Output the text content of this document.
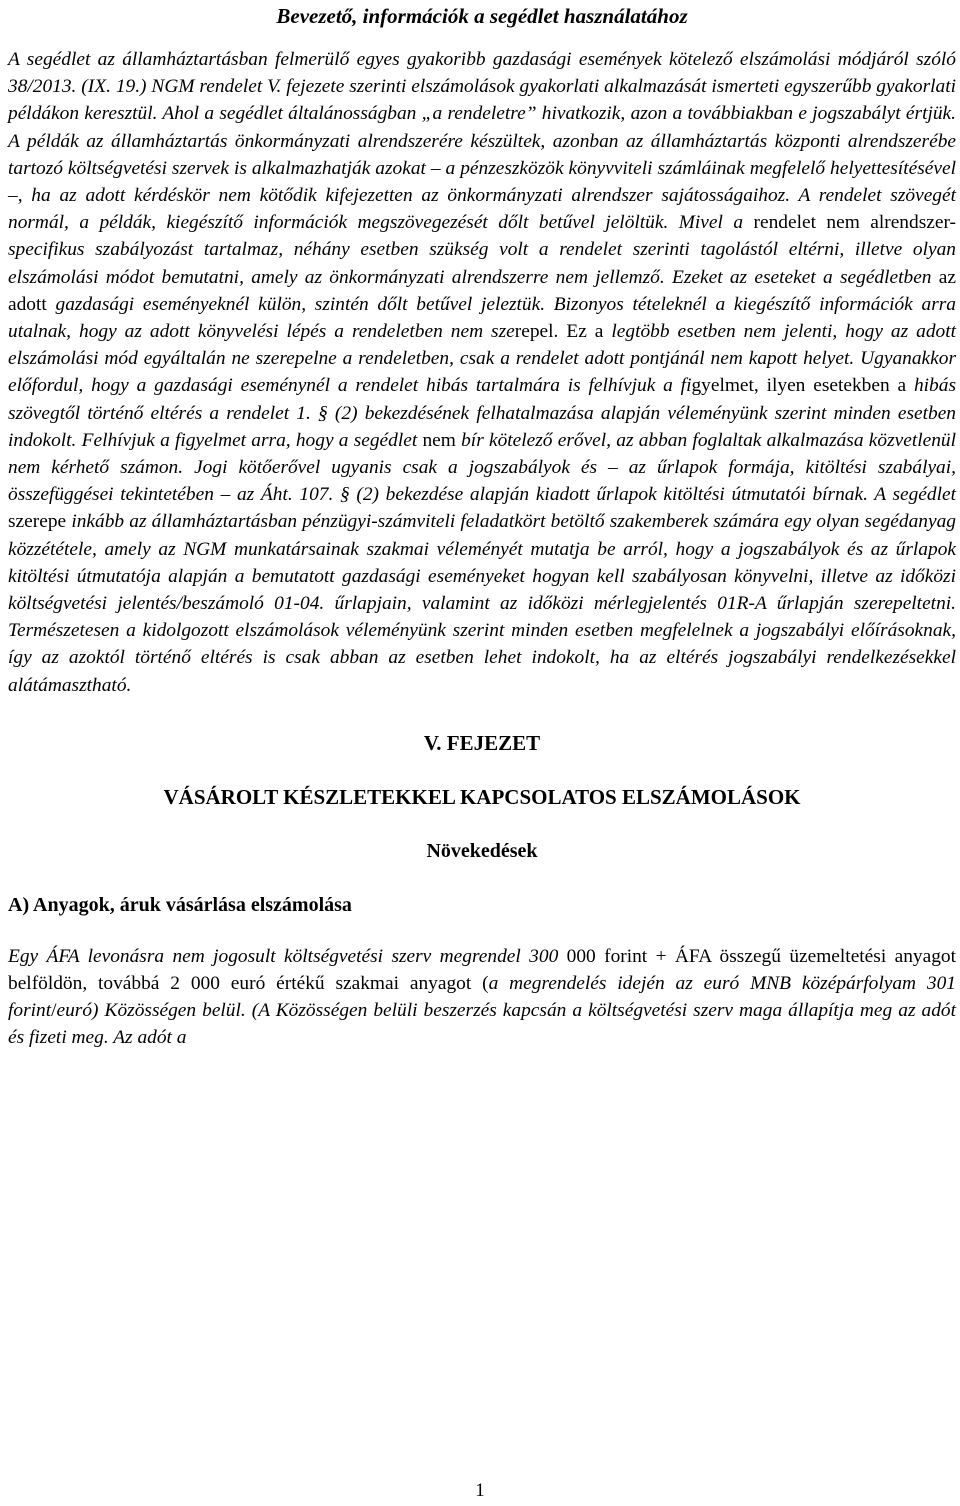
Bevezető, információk a segédlet használatához

A segédlet az államháztartásban felmerülő egyes gyakoribb gazdasági események kötelező elszámolási módjáról szóló 38/2013. (IX. 19.) NGM rendelet V. fejezete szerinti elszámolások gyakorlati alkalmazását ismerteti egyszerűbb gyakorlati példákon keresztül. Ahol a segédlet általánosságban „a rendeletre” hivatkozik, azon a továbbiakban e jogszabályt értjük. A példák az államháztartás önkormányzati alrendszerére készültek, azonban az államháztartás központi alrendszerébe tartozó költségvetési szervek is alkalmazhatják azokat – a pénzeszközök könyvviteli számláinak megfelelő helyettesítésével –, ha az adott kérdéskör nem kötődik kifejezetten az önkormányzati alrendszer sajátosságaihoz. A rendelet szövegét normál, a példák, kiegészítő információk megszövegezését dőlt betűvel jelöltük. Mivel a rendelet nem alrendszer-specifikus szabályozást tartalmaz, néhány esetben szükség volt a rendelet szerinti tagolástól eltérni, illetve olyan elszámolási módot bemutatni, amely az önkormányzati alrendszerre nem jellemző. Ezeket az eseteket a segédletben az adott gazdasági eseményeknél külön, szintén dőlt betűvel jeleztük. Bizonyos tételeknél a kiegészítő információk arra utalnak, hogy az adott könyvelési lépés a rendeletben nem szerepel. Ez a legtöbb esetben nem jelenti, hogy az adott elszámolási mód egyáltalán ne szerepelne a rendeletben, csak a rendelet adott pontjánál nem kapott helyet. Ugyanakkor előfordul, hogy a gazdasági eseménynél a rendelet hibás tartalmára is felhívjuk a figyelmet, ilyen esetekben a hibás szövegtől történő eltérés a rendelet 1. § (2) bekezdésének felhatalmazása alapján véleményünk szerint minden esetben indokolt. Felhívjuk a figyelmet arra, hogy a segédlet nem bír kötelező erővel, az abban foglaltak alkalmazása közvetlenül nem kérhető számon. Jogi kötőerővel ugyanis csak a jogszabályok és – az űrlapok formája, kitöltési szabályai, összefüggései tekintetében – az Áht. 107. § (2) bekezdése alapján kiadott űrlapok kitöltési útmutatói bírnak. A segédlet szerepe inkább az államháztartásban pénzügyi-számviteli feladatkört betöltő szakemberek számára egy olyan segédanyag közzététele, amely az NGM munkatársainak szakmai véleményét mutatja be arról, hogy a jogszabályok és az űrlapok kitöltési útmutatója alapján a bemutatott gazdasági eseményeket hogyan kell szabályosan könyvelni, illetve az időközi költségvetési jelentés/beszámoló 01-04. űrlapjain, valamint az időközi mérlegjelentés 01R-A űrlapján szerepeltetni. Természetesen a kidolgozott elszámolások véleményünk szerint minden esetben megfelelnek a jogszabályi előírásoknak, így az azoktól történő eltérés is csak abban az esetben lehet indokolt, ha az eltérés jogszabályi rendelkezésekkel alátámasztható.

V. FEJEZET
VÁSÁROLT KÉSZLETEKKEL KAPCSOLATOS ELSZÁMOLÁSOK
Növekedések
A) Anyagok, áruk vásárlása elszámolása

Egy ÁFA levonásra nem jogosult költségvetési szerv megrendel 300 000 forint + ÁFA összegű üzemeltetési anyagot belföldön, továbbá 2 000 euró értékű szakmai anyagot (a megrendelés idején az euró MNB középárfolyam 301 forint/euró) Közösségen belül. (A Közösségen belüli beszerzés kapcsán a költségvetési szerv maga állapítja meg az adót és fizeti meg. Az adót a

1
